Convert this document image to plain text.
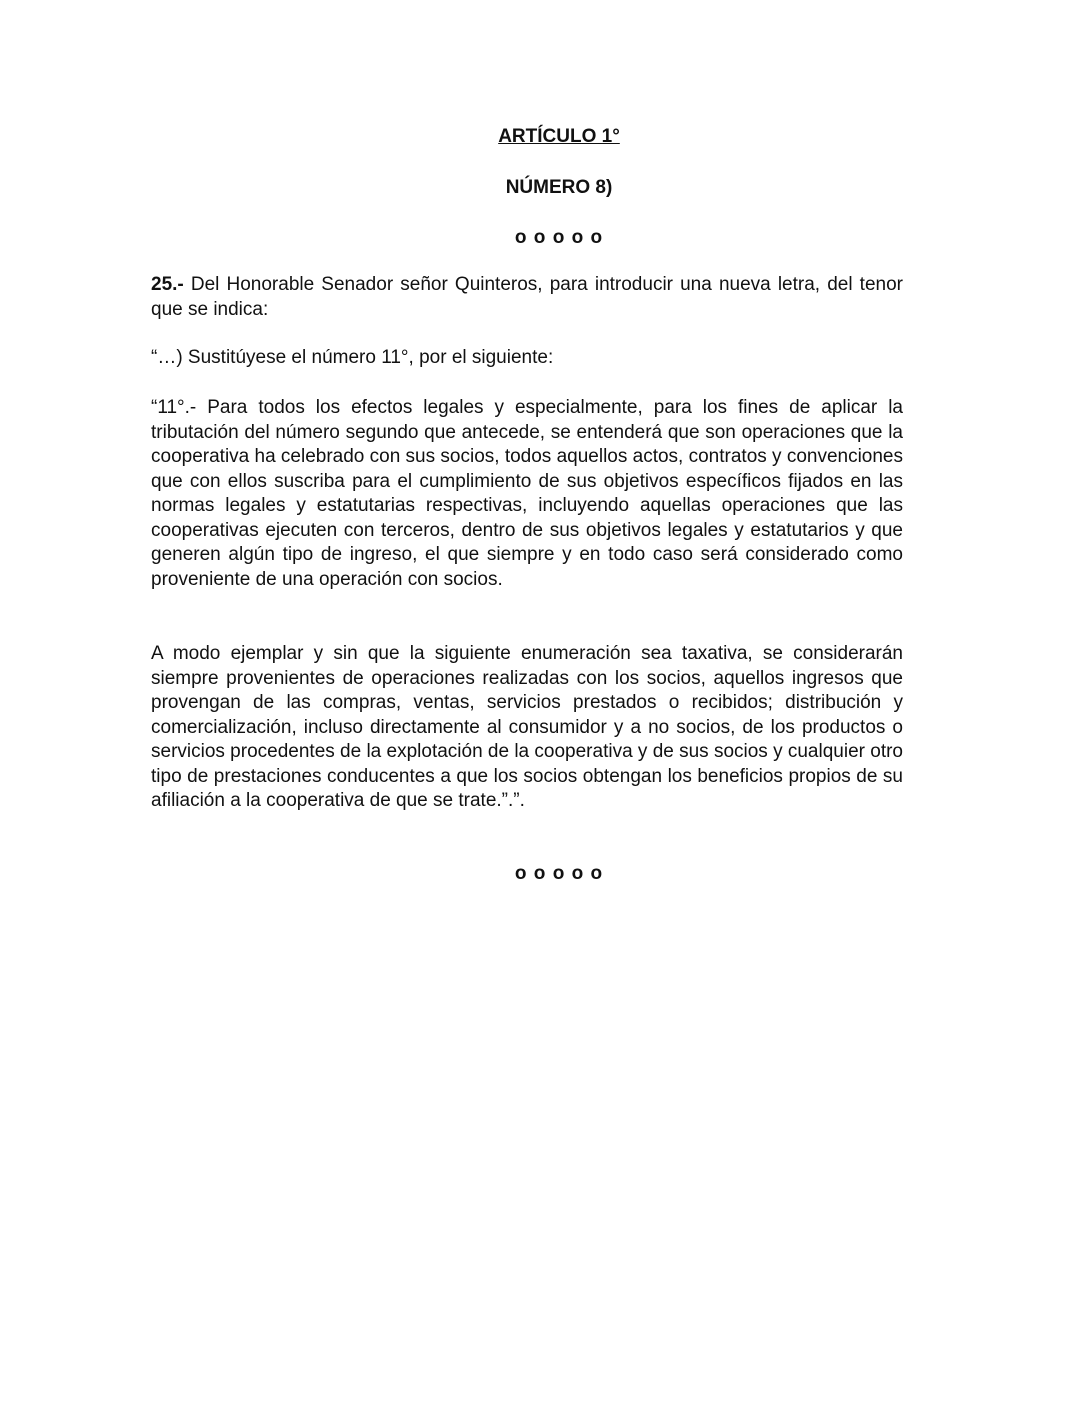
ARTÍCULO 1°

NÚMERO 8)

o o o o o

25.- Del Honorable Senador señor Quinteros, para introducir una nueva letra, del tenor que se indica:

“…) Sustitúyese el número 11°, por el siguiente:

“11°.- Para todos los efectos legales y especialmente, para los fines de aplicar la tributación del número segundo que antecede, se entenderá que son operaciones que la cooperativa ha celebrado con sus socios, todos aquellos actos, contratos y convenciones que con ellos suscriba para el cumplimiento de sus objetivos específicos fijados en las normas legales y estatutarias respectivas, incluyendo aquellas operaciones que las cooperativas ejecuten con terceros, dentro de sus objetivos legales y estatutarios y que generen algún tipo de ingreso, el que siempre y en todo caso será considerado como proveniente de una operación con socios.

A modo ejemplar y sin que la siguiente enumeración sea taxativa, se considerarán siempre provenientes de operaciones realizadas con los socios, aquellos ingresos que provengan de las compras, ventas, servicios prestados o recibidos; distribución y comercialización, incluso directamente al consumidor y a no socios, de los productos o servicios procedentes de la explotación de la cooperativa y de sus socios y cualquier otro tipo de prestaciones conducentes a que los socios obtengan los beneficios propios de su afiliación a la cooperativa de que se trate.”.”.

o o o o o
